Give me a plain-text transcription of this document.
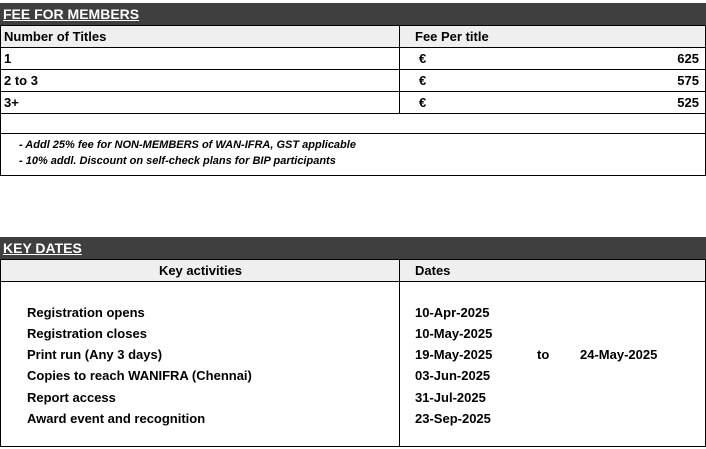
FEE FOR MEMBERS
Number of Titles	Fee Per title
1	€	625
2 to 3	€	575
3+	€	525
- Addl 25% fee for NON-MEMBERS of WAN-IFRA, GST applicable
- 10% addl. Discount on self-check plans for BIP participants
KEY DATES
Key activities	Dates
Registration opens	10-Apr-2025
Registration closes	10-May-2025
Print run (Any 3 days)	19-May-2025	to 24-May-2025
Copies to reach WANIFRA (Chennai)	03-Jun-2025
Report access	31-Jul-2025
Award event and recognition	23-Sep-2025
